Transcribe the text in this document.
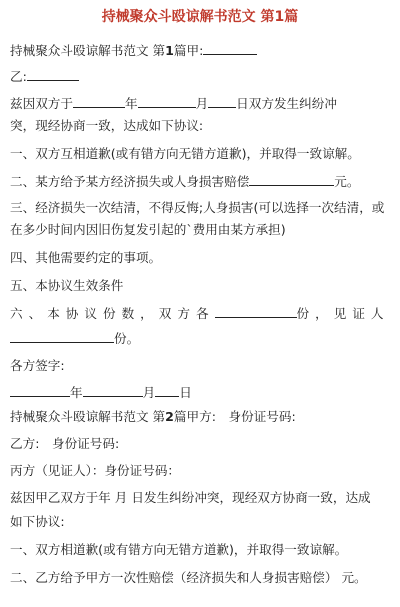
持械聚众斗殴谅解书范文 第1篇
持械聚众斗殴谅解书范文 第1篇甲:
乙:
兹因双方于	年	月 日双方发生纠纷冲
突，现经协商一致，达成如下协议:
一、双方互相道歉(或有错方向无错方道歉)，并取得一致谅解。
二、某方给予某方经济损失或人身损害赔偿	元。
三、经济损失一次结清，不得反悔;人身损害(可以选择一次结清，或
在多少时间内因旧伤复发引起的`费用由某方承担)
四、其他需要约定的事项。
五、本协议生效条件
六、本协议份数，双方各	份，见证人
份。
各方签字:
年	月 日
持械聚众斗殴谅解书范文 第2篇甲方:　身份证号码:
乙方:　身份证号码:
丙方（见证人）：身份证号码：
兹因甲乙双方于年 月 日发生纠纷冲突，现经双方协商一致，达成
如下协议:
一、双方相道歉(或有错方向无错方道歉)，并取得一致谅解。
二、乙方给予甲方一次性赔偿（经济损失和人身损害赔偿） 元。
